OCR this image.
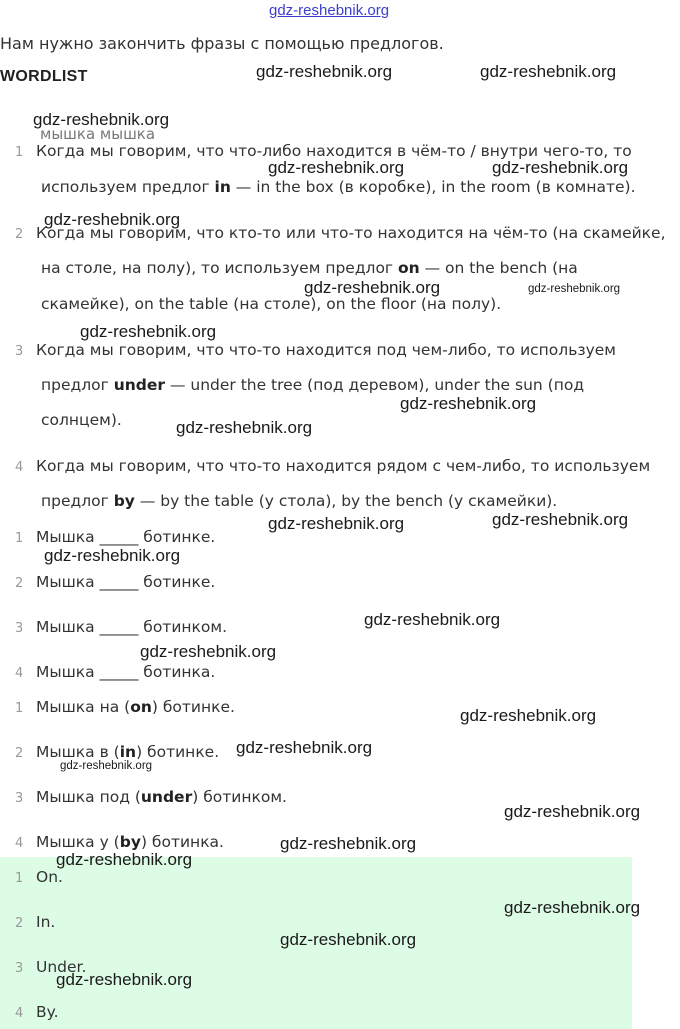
gdz-reshebnik.org
Нам нужно закончить фразы с помощью предлогов.
WORDLIST
мышка мышка
1 Когда мы говорим, что что-либо находится в чём-то / внутри чего-то, то
используем предлог in — in the box (в коробке), in the room (в комнате).
2 Когда мы говорим, что кто-то или что-то находится на чём-то (на скамейке,
на столе, на полу), то используем предлог on — on the bench (на
скамейке), on the table (на столе), on the floor (на полу).
3 Когда мы говорим, что что-то находится под чем-либо, то используем
предлог under — under the tree (под деревом), under the sun (под
солнцем).
4 Когда мы говорим, что что-то находится рядом с чем-либо, то используем
предлог by — by the table (у стола), by the bench (у скамейки).
1 Мышка _____ ботинке.
2 Мышка _____ ботинке.
3 Мышка _____ ботинком.
4 Мышка _____ ботинка.
1 Мышка на (on) ботинке.
2 Мышка в (in) ботинке.
3 Мышка под (under) ботинком.
4 Мышка у (by) ботинка.
1 On.
2 In.
3 Under.
4 By.
gdz-reshebnik.org	gdz-reshebnik.org
gdz-reshebnik.org
gdz-reshebnik.org	gdz-reshebnik.org
gdz-reshebnik.org
gdz-reshebnik.org	gdz-reshebnik.org
gdz-reshebnik.org
gdz-reshebnik.org
gdz-reshebnik.org
gdz-reshebnik.org	gdz-reshebnik.org
gdz-reshebnik.org
gdz-reshebnik.org
gdz-reshebnik.org
gdz-reshebnik.org
gdz-reshebnik.org
gdz-reshebnik.org
gdz-reshebnik.org
gdz-reshebnik.org
gdz-reshebnik.org
gdz-reshebnik.org
gdz-reshebnik.org
gdz-reshebnik.org
